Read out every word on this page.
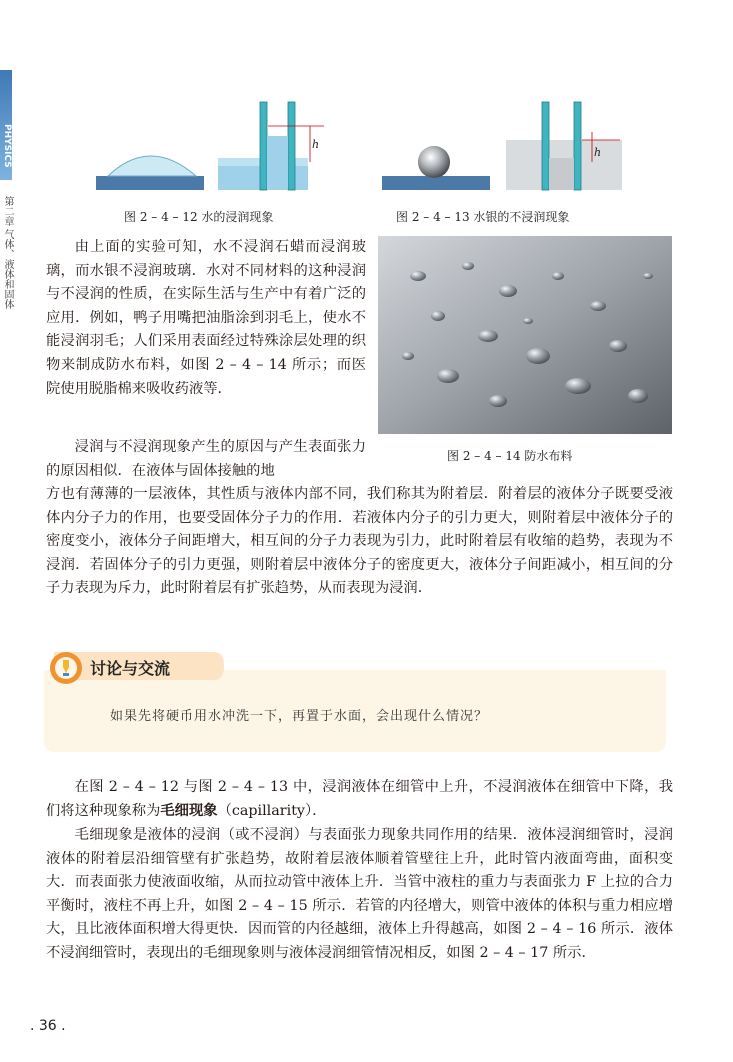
PHYSICS
第二章 气体、液体和固体
h
图 2 – 4 – 12 水的浸润现象
h
图 2 – 4 – 13 水银的不浸润现象
图 2 – 4 – 14 防水布料
由上面的实验可知，水不浸润石蜡而浸润玻璃，而水银不浸润玻璃．水对不同材料的这种浸润与不浸润的性质，在实际生活与生产中有着广泛的应用．例如，鸭子用嘴把油脂涂到羽毛上，使水不能浸润羽毛；人们采用表面经过特殊涂层处理的织物来制成防水布料，如图 2 – 4 – 14 所示；而医院使用脱脂棉来吸收药液等．
浸润与不浸润现象产生的原因与产生表面张力的原因相似．在液体与固体接触的地
方也有薄薄的一层液体，其性质与液体内部不同，我们称其为附着层．附着层的液体分子既要受液体内分子力的作用，也要受固体分子力的作用．若液体内分子的引力更大，则附着层中液体分子的密度变小，液体分子间距增大，相互间的分子力表现为引力，此时附着层有收缩的趋势，表现为不浸润．若固体分子的引力更强，则附着层中液体分子的密度更大，液体分子间距减小，相互间的分子力表现为斥力，此时附着层有扩张趋势，从而表现为浸润．
讨论与交流
如果先将硬币用水冲洗一下，再置于水面，会出现什么情况？
在图 2 – 4 – 12 与图 2 – 4 – 13 中，浸润液体在细管中上升，不浸润液体在细管中下降，我们将这种现象称为毛细现象（capillarity）．
毛细现象是液体的浸润（或不浸润）与表面张力现象共同作用的结果．液体浸润细管时，浸润液体的附着层沿细管壁有扩张趋势，故附着层液体顺着管壁往上升，此时管内液面弯曲，面积变大．而表面张力使液面收缩，从而拉动管中液体上升．当管中液柱的重力与表面张力 F 上拉的合力平衡时，液柱不再上升，如图 2 – 4 – 15 所示．若管的内径增大，则管中液体的体积与重力相应增大，且比液体面积增大得更快．因而管的内径越细，液体上升得越高，如图 2 – 4 – 16 所示．液体不浸润细管时，表现出的毛细现象则与液体浸润细管情况相反，如图 2 – 4 – 17 所示．
. 36 .
